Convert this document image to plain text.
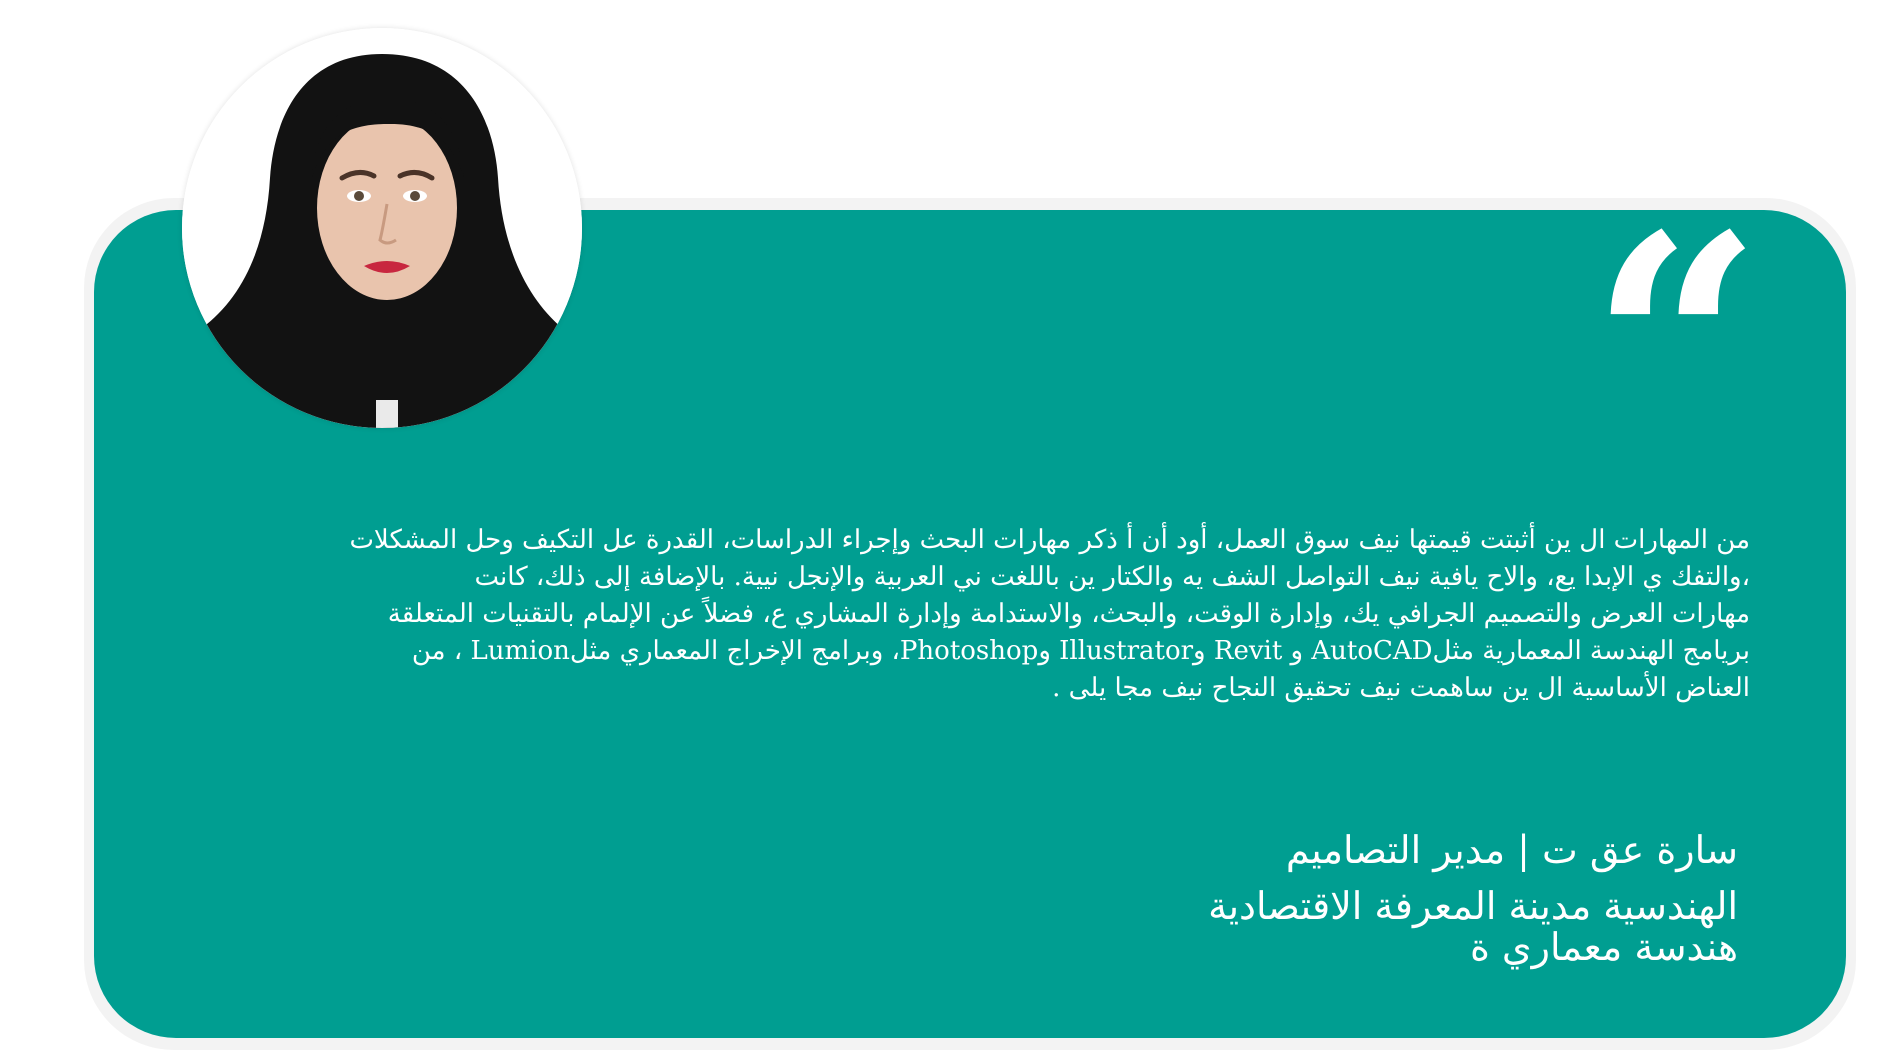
“
من المهارات ال ين أثبتت قيمتها نيف سوق العمل، أود أن أ ذكر مهارات البحث وإجراء الدراسات، القدرة عل التكيف وحل المشكلات
،والتفك ي الإبدا يع، والاح يافية نيف التواصل الشف يه والكتار ين باللغت ني العربية والإنجل نيية. بالإضافة إلى ذلك، كانت
مهارات العرض والتصميم الجرافي يك، وإدارة الوقت، والبحث، والاستدامة وإدارة المشاري ع، فضلاً عن الإلمام بالتقنيات المتعلقة
بريامج الهندسة المعمارية مثلAutoCAD و Revit وIllustrator وPhotoshop، وبرامج الإخراج المعماري مثلLumion ، من
العناض الأساسية ال ين ساهمت نيف تحقيق النجاح نيف مجا يلى .
سارة عق ت | مدير التصاميم
الهندسية مدينة المعرفة الاقتصادية
هندسة معماري ة
